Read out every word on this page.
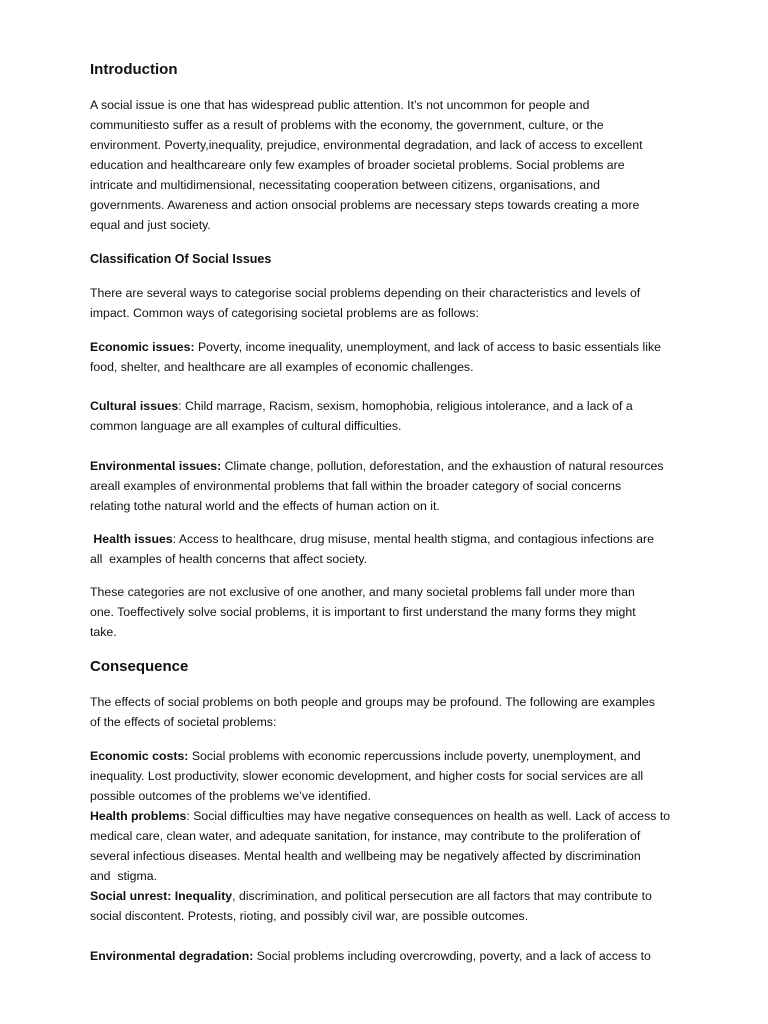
Introduction
A social issue is one that has widespread public attention. It’s not uncommon for people and
communitiesto suffer as a result of problems with the economy, the government, culture, or the
environment. Poverty,inequality, prejudice, environmental degradation, and lack of access to excellent
education and healthcareare only few examples of broader societal problems. Social problems are
intricate and multidimensional, necessitating cooperation between citizens, organisations, and
governments. Awareness and action onsocial problems are necessary steps towards creating a more
equal and just society.
Classification Of Social Issues
There are several ways to categorise social problems depending on their characteristics and levels of
impact. Common ways of categorising societal problems are as follows:
Economic issues: Poverty, income inequality, unemployment, and lack of access to basic essentials like
food, shelter, and healthcare are all examples of economic challenges.
Cultural issues: Child marrage, Racism, sexism, homophobia, religious intolerance, and a lack of a
common language are all examples of cultural difficulties.
Environmental issues: Climate change, pollution, deforestation, and the exhaustion of natural resources
areall examples of environmental problems that fall within the broader category of social concerns
relating tothe natural world and the effects of human action on it.
Health issues: Access to healthcare, drug misuse, mental health stigma, and contagious infections are
all  examples of health concerns that affect society.
These categories are not exclusive of one another, and many societal problems fall under more than
one. Toeffectively solve social problems, it is important to first understand the many forms they might
take.
Consequence
The effects of social problems on both people and groups may be profound. The following are examples
of the effects of societal problems:
Economic costs: Social problems with economic repercussions include poverty, unemployment, and
inequality. Lost productivity, slower economic development, and higher costs for social services are all
possible outcomes of the problems we’ve identified.
Health problems: Social difficulties may have negative consequences on health as well. Lack of access to
medical care, clean water, and adequate sanitation, for instance, may contribute to the proliferation of
several infectious diseases. Mental health and wellbeing may be negatively affected by discrimination
and  stigma.
Social unrest: Inequality, discrimination, and political persecution are all factors that may contribute to
social discontent. Protests, rioting, and possibly civil war, are possible outcomes.
Environmental degradation: Social problems including overcrowding, poverty, and a lack of access to
